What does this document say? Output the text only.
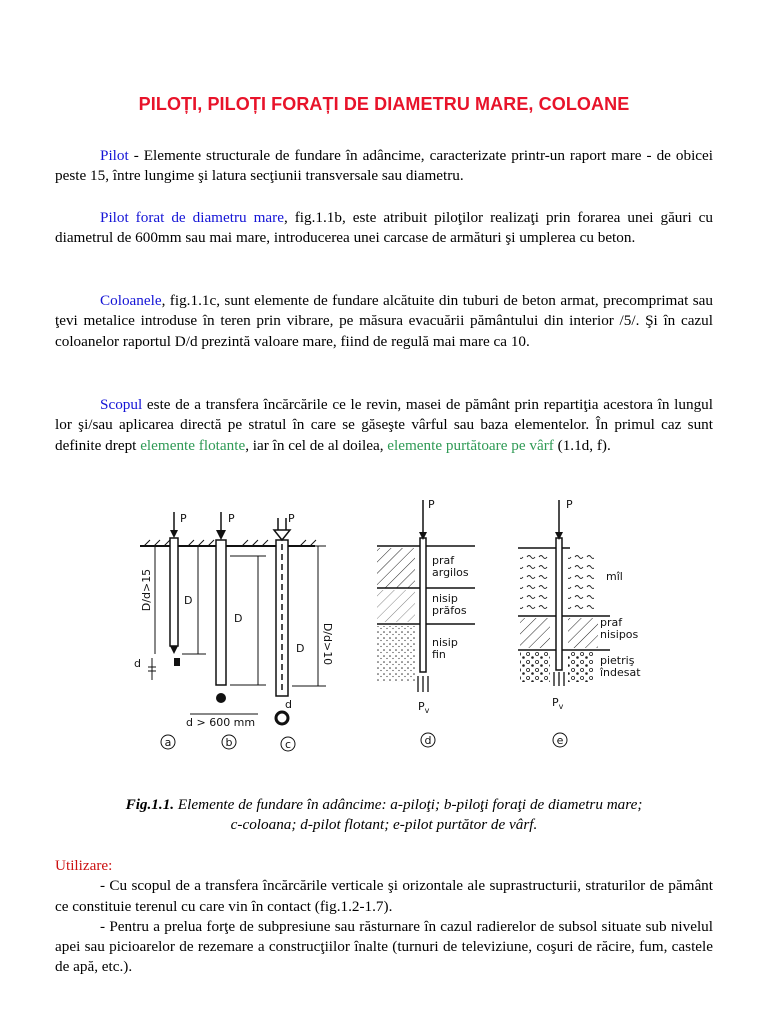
PILOȚI, PILOȚI FORAȚI DE DIAMETRU MARE, COLOANE
Pilot - Elemente structurale de fundare în adâncime, caracterizate printr-un raport mare - de obicei peste 15, între lungime şi latura secţiunii transversale sau diametru.
Pilot forat de diametru mare, fig.1.1b, este atribuit piloţilor realizaţi prin forarea unei găuri cu diametrul de 600mm sau mai mare, introducerea unei carcase de armături şi umplerea cu beton.
Coloanele, fig.1.1c, sunt elemente de fundare alcătuite din tuburi de beton armat, precomprimat sau ţevi metalice introduse în teren prin vibrare, pe măsura evacuării pământului din interior /5/. Şi în cazul coloanelor raportul D/d prezintă valoare mare, fiind de regulă mai mare ca 10.
Scopul este de a transfera încărcările ce le revin, masei de pământ prin repartiţia acestora în lungul lor şi/sau aplicarea directă pe stratul în care se găseşte vârful sau baza elementelor. În primul caz sunt definite drept elemente flotante, iar în cel de al doilea, elemente purtătoare pe vârf (1.1d, f).
P
D
D/d>15
d
P
D
d > 600 mm
P
D D/d>10
d
a	b	c
P
praf
argilos
nisip
prăfos
nisip
fin
$P_v$
d
P
mîl
praf
nisipos
pietriş
îndesat
$P_v$
e
Fig.1.1. Elemente de fundare în adâncime: a-piloţi; b-piloţi foraţi de diametru mare;
c-coloana; d-pilot flotant; e-pilot purtător de vârf.
Utilizare:
- Cu scopul de a transfera încărcările verticale şi orizontale ale suprastructurii, straturilor de pământ ce constituie terenul cu care vin în contact (fig.1.2-1.7).
- Pentru a prelua forţe de subpresiune sau răsturnare în cazul radierelor de subsol situate sub nivelul apei sau picioarelor de rezemare a construcţiilor înalte (turnuri de televiziune, coşuri de răcire, fum, castele de apă, etc.).
